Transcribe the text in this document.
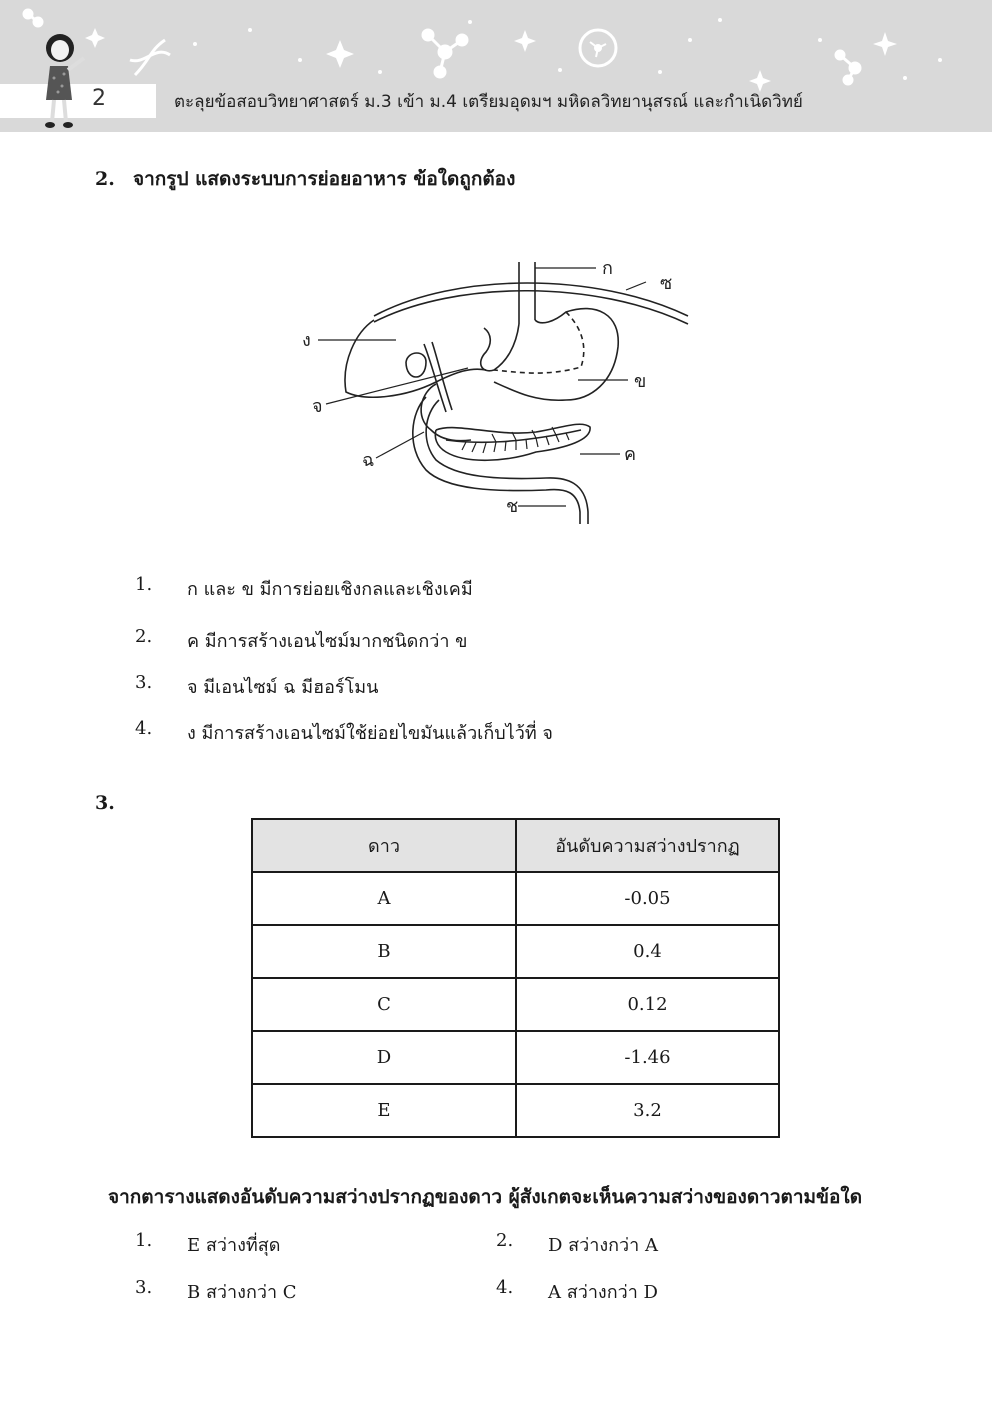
2	ตะลุยข้อสอบวิทยาศาสตร์ ม.3 เข้า ม.4 เตรียมอุดมฯ มหิดลวิทยานุสรณ์ และกำเนิดวิทย์
2. จากรูป แสดงระบบการย่อยอาหาร ข้อใดถูกต้อง
ก
ซ
ง
ข
จ
ฉ	ค
ช
1. ก และ ข มีการย่อยเชิงกลและเชิงเคมี
2. ค มีการสร้างเอนไซม์มากชนิดกว่า ข
3. จ มีเอนไซม์ ฉ มีฮอร์โมน
4. ง มีการสร้างเอนไซม์ใช้ย่อยไขมันแล้วเก็บไว้ที่ จ
3.
ดาว	อันดับความสว่างปรากฏ
A	-0.05
B	0.4
C	0.12
D	-1.46
E	3.2
จากตารางแสดงอันดับความสว่างปรากฏของดาว ผู้สังเกตจะเห็นความสว่างของดาวตามข้อใด
1. E สว่างที่สุด	2. D สว่างกว่า A
3. B สว่างกว่า C	4. A สว่างกว่า D
